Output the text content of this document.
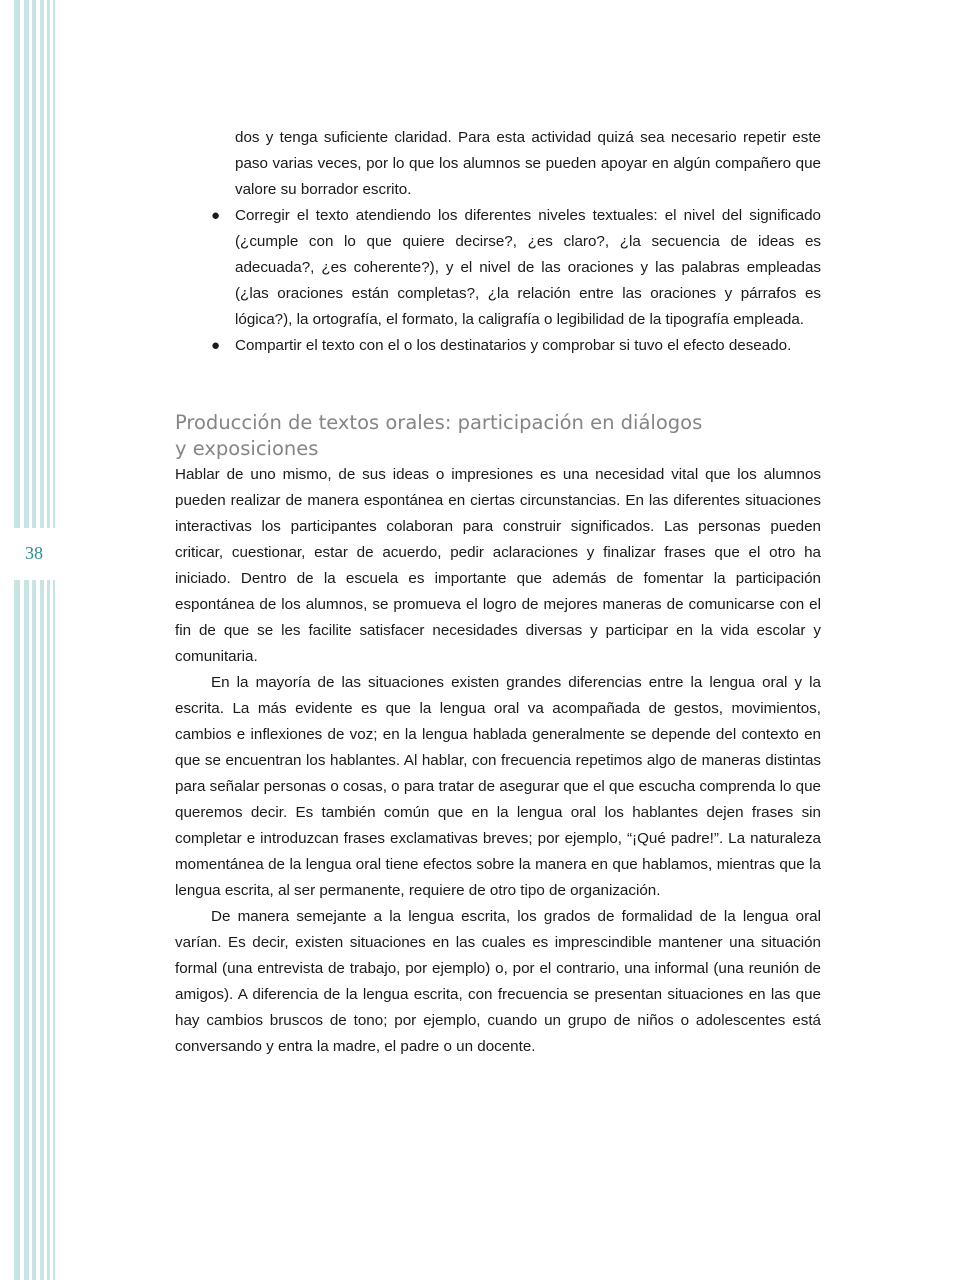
38

dos y tenga suficiente claridad. Para esta actividad quizá sea necesario repetir este paso varias veces, por lo que los alumnos se pueden apoyar en algún compañero que valore su borrador escrito.

● Corregir el texto atendiendo los diferentes niveles textuales: el nivel del significado (¿cumple con lo que quiere decirse?, ¿es claro?, ¿la secuencia de ideas es adecuada?, ¿es coherente?), y el nivel de las oraciones y las palabras empleadas (¿las oraciones están completas?, ¿la relación entre las oraciones y párrafos es lógica?), la ortografía, el formato, la caligrafía o legibilidad de la tipografía empleada.
● Compartir el texto con el o los destinatarios y comprobar si tuvo el efecto deseado.
Producción de textos orales: participación en diálogos
y exposiciones

Hablar de uno mismo, de sus ideas o impresiones es una necesidad vital que los alumnos pueden realizar de manera espontánea en ciertas circunstancias. En las diferentes situaciones interactivas los participantes colaboran para construir significados. Las personas pueden criticar, cuestionar, estar de acuerdo, pedir aclaraciones y finalizar frases que el otro ha iniciado. Dentro de la escuela es importante que además de fomentar la participación espontánea de los alumnos, se promueva el logro de mejores maneras de comunicarse con el fin de que se les facilite satisfacer necesidades diversas y participar en la vida escolar y comunitaria.

En la mayoría de las situaciones existen grandes diferencias entre la lengua oral y la escrita. La más evidente es que la lengua oral va acompañada de gestos, movimientos, cambios e inflexiones de voz; en la lengua hablada generalmente se depende del contexto en que se encuentran los hablantes. Al hablar, con frecuencia repetimos algo de maneras distintas para señalar personas o cosas, o para tratar de asegurar que el que escucha comprenda lo que queremos decir. Es también común que en la lengua oral los hablantes dejen frases sin completar e introduzcan frases exclamativas breves; por ejemplo, “¡Qué padre!”. La naturaleza momentánea de la lengua oral tiene efectos sobre la manera en que hablamos, mientras que la lengua escrita, al ser permanente, requiere de otro tipo de organización.

De manera semejante a la lengua escrita, los grados de formalidad de la lengua oral varían. Es decir, existen situaciones en las cuales es imprescindible mantener una situación formal (una entrevista de trabajo, por ejemplo) o, por el contrario, una informal (una reunión de amigos). A diferencia de la lengua escrita, con frecuencia se presentan situaciones en las que hay cambios bruscos de tono; por ejemplo, cuando un grupo de niños o adolescentes está conversando y entra la madre, el padre o un docente.
